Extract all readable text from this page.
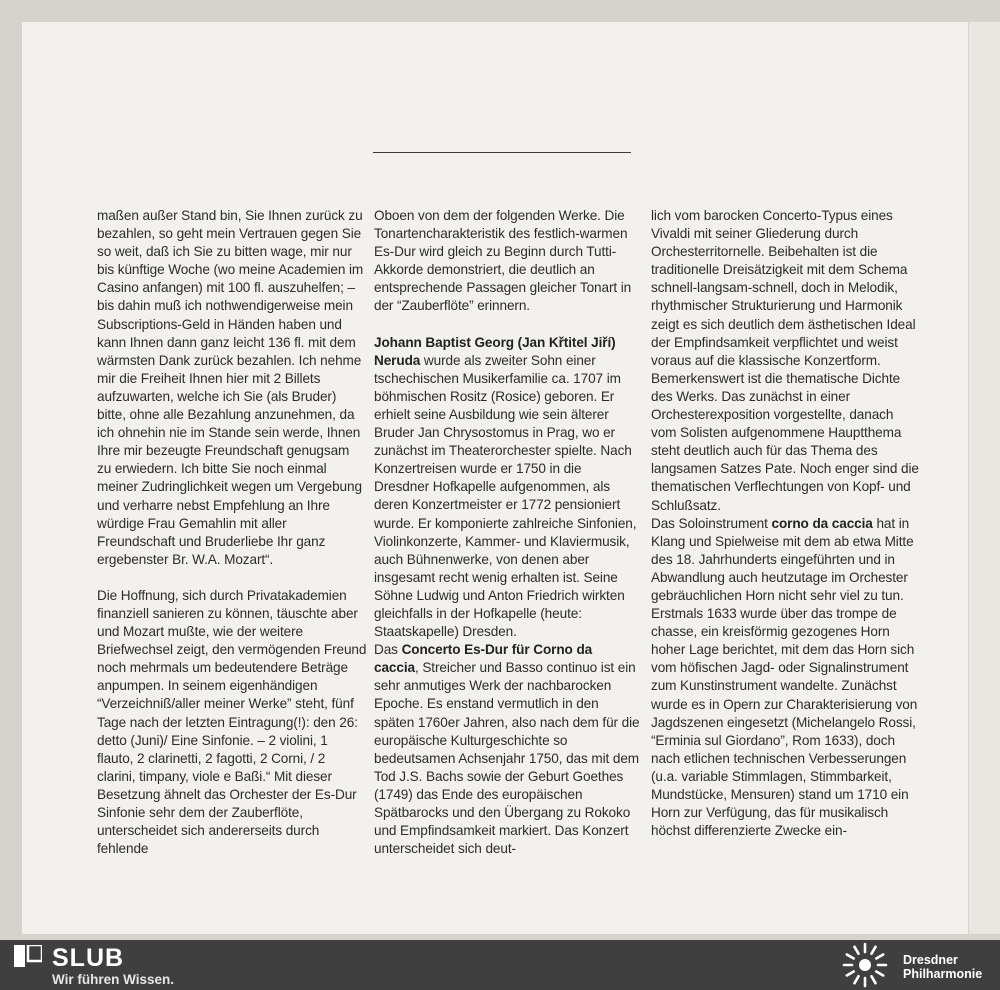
maßen außer Stand bin, Sie Ihnen zurück zu bezahlen, so geht mein Vertrauen gegen Sie so weit, daß ich Sie zu bitten wage, mir nur bis künftige Woche (wo meine Academien im Casino anfangen) mit 100 fl. auszuhelfen; – bis dahin muß ich nothwendigerweise mein Subscriptions-Geld in Händen haben und kann Ihnen dann ganz leicht 136 fl. mit dem wärmsten Dank zurück bezahlen. Ich nehme mir die Freiheit Ihnen hier mit 2 Billets aufzuwarten, welche ich Sie (als Bruder) bitte, ohne alle Bezahlung anzunehmen, da ich ohnehin nie im Stande sein werde, Ihnen Ihre mir bezeugte Freundschaft genugsam zu erwiedern. Ich bitte Sie noch einmal meiner Zudringlichkeit wegen um Vergebung und verharre nebst Empfehlung an Ihre würdige Frau Gemahlin mit aller Freundschaft und Bruderliebe Ihr ganz ergebenster Br. W.A. Mozart“.

Die Hoffnung, sich durch Privatakademien finanziell sanieren zu können, täuschte aber und Mozart mußte, wie der weitere Briefwechsel zeigt, den vermögenden Freund noch mehrmals um bedeutendere Beträge anpumpen. In seinem eigenhändigen “Verzeichniß/aller meiner Werke” steht, fünf Tage nach der letzten Eintragung(!): den 26: detto (Juni)/ Eine Sinfonie. – 2 violini, 1 flauto, 2 clarinetti, 2 fagotti, 2 Corni, / 2 clarini, timpany, viole e Baßi.“ Mit dieser Besetzung ähnelt das Orchester der Es-Dur Sinfonie sehr dem der Zauberflöte, unterscheidet sich andererseits durch fehlende

Oboen von dem der folgenden Werke. Die Tonartencharakteristik des festlich-warmen Es-Dur wird gleich zu Beginn durch Tutti-Akkorde demonstriert, die deutlich an entsprechende Passagen gleicher Tonart in der “Zauberflöte” erinnern.

Johann Baptist Georg (Jan Křtitel Jiří) Neruda wurde als zweiter Sohn einer tschechischen Musikerfamilie ca. 1707 im böhmischen Rositz (Rosice) geboren. Er erhielt seine Ausbildung wie sein älterer Bruder Jan Chrysostomus in Prag, wo er zunächst im Theaterorchester spielte. Nach Konzertreisen wurde er 1750 in die Dresdner Hofkapelle aufgenommen, als deren Konzertmeister er 1772 pensioniert wurde. Er komponierte zahlreiche Sinfonien, Violinkonzerte, Kammer- und Klaviermusik, auch Bühnenwerke, von denen aber insgesamt recht wenig erhalten ist. Seine Söhne Ludwig und Anton Friedrich wirkten gleichfalls in der Hofkapelle (heute: Staatskapelle) Dresden.

Das Concerto Es-Dur für Corno da caccia, Streicher und Basso continuo ist ein sehr anmutiges Werk der nachbarocken Epoche. Es enstand vermutlich in den späten 1760er Jahren, also nach dem für die europäische Kulturgeschichte so bedeutsamen Achsenjahr 1750, das mit dem Tod J.S. Bachs sowie der Geburt Goethes (1749) das Ende des europäischen Spätbarocks und den Übergang zu Rokoko und Empfindsamkeit markiert. Das Konzert unterscheidet sich deut-

lich vom barocken Concerto-Typus eines Vivaldi mit seiner Gliederung durch Orchesterritornelle. Beibehalten ist die traditionelle Dreisätzigkeit mit dem Schema schnell-langsam-schnell, doch in Melodik, rhythmischer Strukturierung und Harmonik zeigt es sich deutlich dem ästhetischen Ideal der Empfindsamkeit verpflichtet und weist voraus auf die klassische Konzertform. Bemerkenswert ist die thematische Dichte des Werks. Das zunächst in einer Orchesterexposition vorgestellte, danach vom Solisten aufgenommene Hauptthema steht deutlich auch für das Thema des langsamen Satzes Pate. Noch enger sind die thematischen Verflechtungen von Kopf- und Schlußsatz.

Das Soloinstrument corno da caccia hat in Klang und Spielweise mit dem ab etwa Mitte des 18. Jahrhunderts eingeführten und in Abwandlung auch heutzutage im Orchester gebräuchlichen Horn nicht sehr viel zu tun. Erstmals 1633 wurde über das trompe de chasse, ein kreisförmig gezogenes Horn hoher Lage berichtet, mit dem das Horn sich vom höfischen Jagd- oder Signalinstrument zum Kunstinstrument wandelte. Zunächst wurde es in Opern zur Charakterisierung von Jagdszenen eingesetzt (Michelangelo Rossi, “Erminia sul Giordano”, Rom 1633), doch nach etlichen technischen Verbesserungen (u.a. variable Stimmlagen, Stimmbarkeit, Mundstücke, Mensuren) stand um 1710 ein Horn zur Verfügung, das für musikalisch höchst differenzierte Zwecke ein-

SLUB
Wir führen Wissen.
Dresdner
Philharmonie
